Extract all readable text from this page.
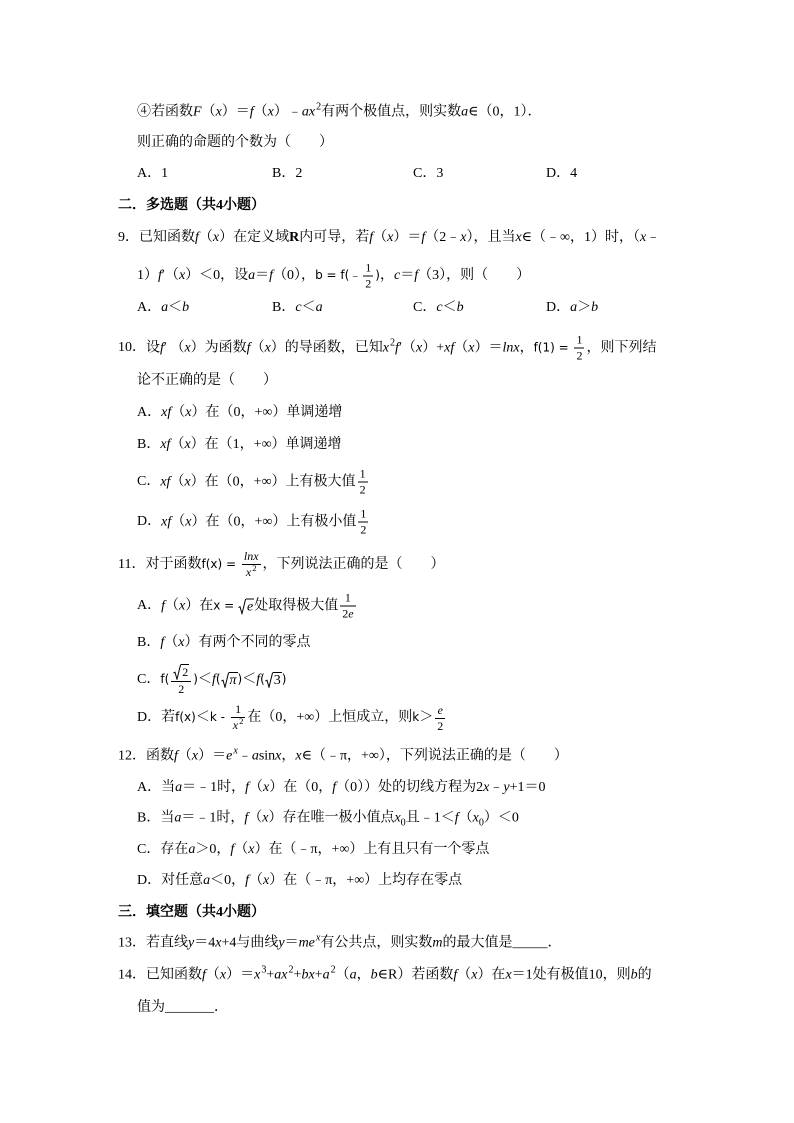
④若函数$F(x)=f(x)﹣ax^2$有两个极值点，则实数a∈（0，1）．
则正确的命题的个数为（　　）
A．1	B．2	C．3	D．4
二．多选题（共4小题）
9．已知函数f（x）在定义域R内可导，若f（x）＝f（2﹣x），且当x∈（﹣∞，1）时，（x﹣
1）f′（x）＜0，设a＝f（0），b = f(﹣ $\frac{1}{2}$ )，c＝f（3），则（　　）
A．a＜b	B．c＜a	C．c＜b	D．a＞b
10．设f′ （x）为函数f（x）的导函数，已知$x^2f'(x)+xf(x)=\ln x$，$f(1) = \frac{1}{2}$ ，则下列结
论不正确的是（　　）
A．xf（x）在（0，+∞）单调递增
B．xf（x）在（1，+∞）单调递增
C．xf（x）在（0，+∞）上有极大值 $\frac{1}{2}$
D．xf（x）在（0，+∞）上有极小值 $\frac{1}{2}$
11．对于函数$f(x) = \frac{\ln x}{x^2}$ ，下列说法正确的是（　　）
A．f（x）在x = e 处取得极大值 $\frac{1}{2e}$
B．f（x）有两个不同的零点
C．$f( \frac{2}{2} )<f$( π )＜f( 3 )
D．若$f(x)<k - \frac{1}{x^2}$ 在（0，+∞）上恒成立，则$k> \frac{e}{2}$
12．函数$f(x)=e^x﹣asinx$，x∈（﹣π，+∞），下列说法正确的是（　　）
A．当a＝﹣1时，f（x）在（0，f（0））处的切线方程为2x﹣y+1＝0
B．当a＝﹣1时，f（x）存在唯一极小值点$x_0$且$﹣1<f(x_0)<0$
C．存在a＞0，f（x）在（﹣π，+∞）上有且只有一个零点
D．对任意a＜0，f（x）在（﹣π，+∞）上均存在零点
三．填空题（共4小题）
13．若直线y＝4x+4与曲线$y=me^x$有公共点，则实数m的最大值是_____．
14．已知函数$f(x)=x^3+ax^2+bx+a^2(a$，b∈R）若函数f（x）在x＝1处有极值10，则b的
值为_______．
